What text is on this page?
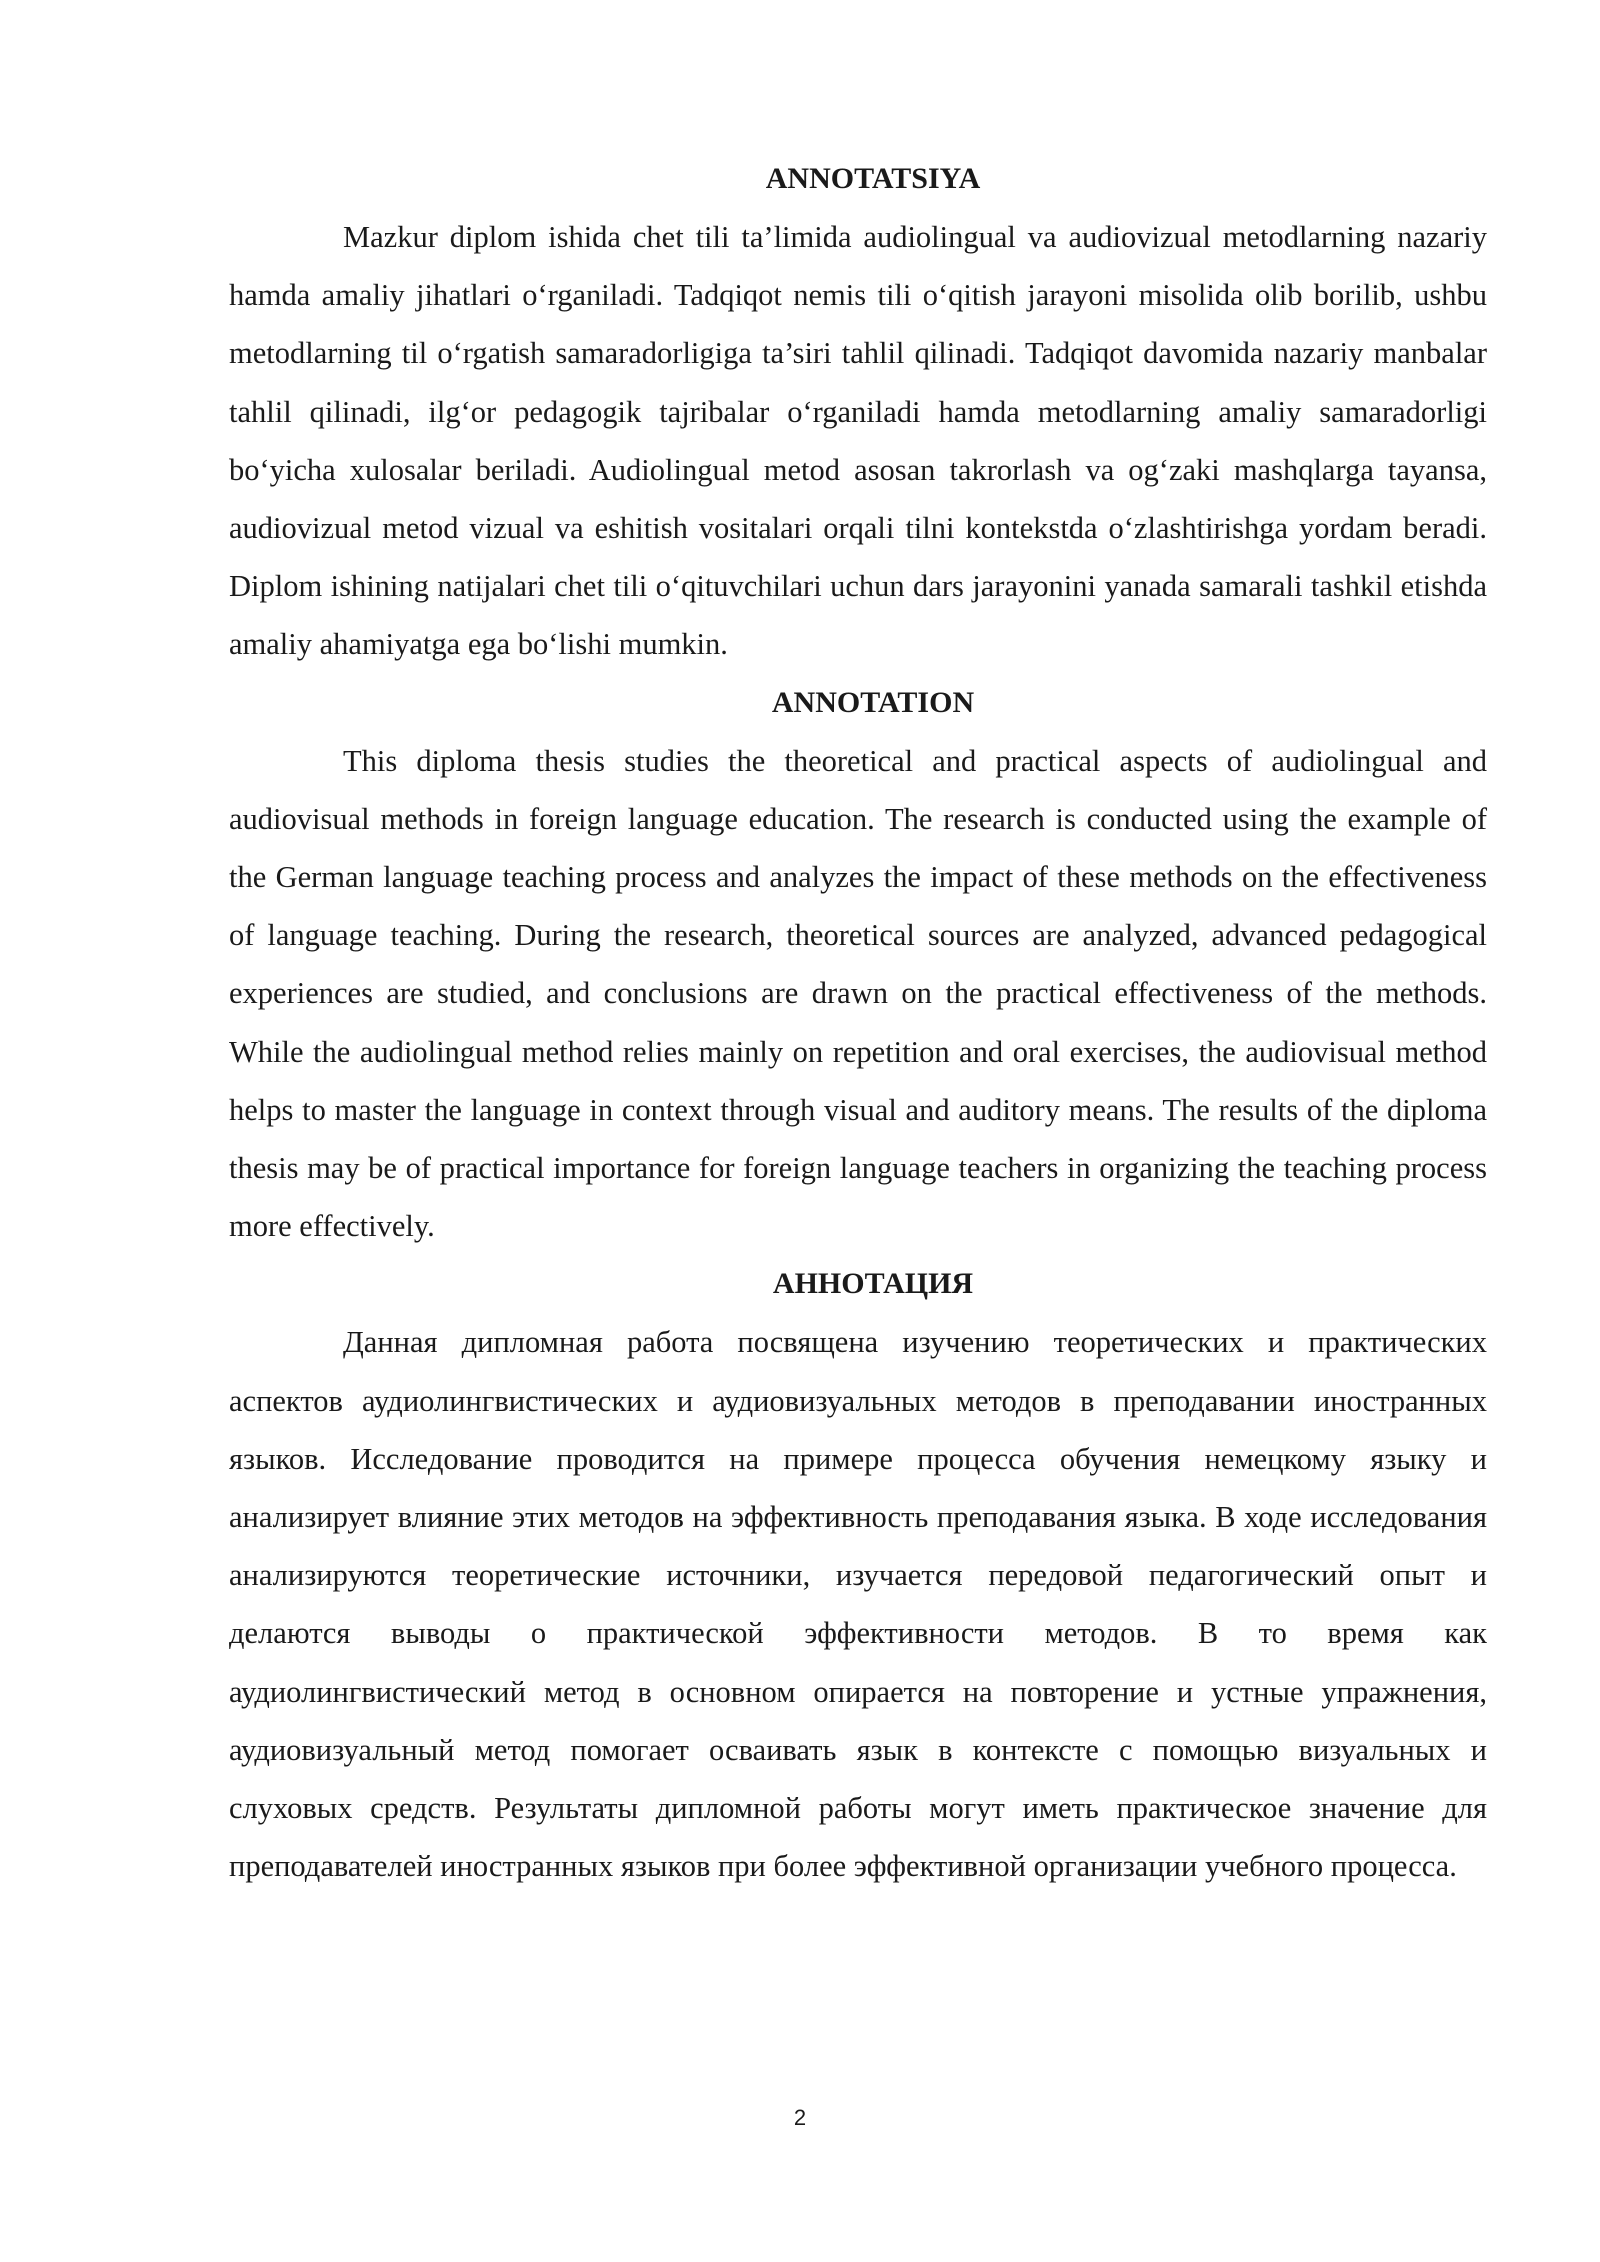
ANNOTATSIYA

Mazkur diplom ishida chet tili ta’limida audiolingual va audiovizual metodlarning nazariy hamda amaliy jihatlari o‘rganiladi. Tadqiqot nemis tili o‘qitish jarayoni misolida olib borilib, ushbu metodlarning til o‘rgatish samaradorligiga ta’siri tahlil qilinadi. Tadqiqot davomida nazariy manbalar tahlil qilinadi, ilg‘or pedagogik tajribalar o‘rganiladi hamda metodlarning amaliy samaradorligi bo‘yicha xulosalar beriladi. Audiolingual metod asosan takrorlash va og‘zaki mashqlarga tayansa, audiovizual metod vizual va eshitish vositalari orqali tilni kontekstda o‘zlashtirishga yordam beradi. Diplom ishining natijalari chet tili o‘qituvchilari uchun dars jarayonini yanada samarali tashkil etishda amaliy ahamiyatga ega bo‘lishi mumkin.

ANNOTATION

This diploma thesis studies the theoretical and practical aspects of audiolingual and audiovisual methods in foreign language education. The research is conducted using the example of the German language teaching process and analyzes the impact of these methods on the effectiveness of language teaching. During the research, theoretical sources are analyzed, advanced pedagogical experiences are studied, and conclusions are drawn on the practical effectiveness of the methods. While the audiolingual method relies mainly on repetition and oral exercises, the audiovisual method helps to master the language in context through visual and auditory means. The results of the diploma thesis may be of practical importance for foreign language teachers in organizing the teaching process more effectively.

АННОТАЦИЯ

Данная дипломная работа посвящена изучению теоретических и практических аспектов аудиолингвистических и аудиовизуальных методов в преподавании иностранных языков. Исследование проводится на примере процесса обучения немецкому языку и анализирует влияние этих методов на эффективность преподавания языка. В ходе исследования анализируются теоретические источники, изучается передовой педагогический опыт и делаются выводы о практической эффективности методов. В то время как аудиолингвистический метод в основном опирается на повторение и устные упражнения, аудиовизуальный метод помогает осваивать язык в контексте с помощью визуальных и слуховых средств. Результаты дипломной работы могут иметь практическое значение для преподавателей иностранных языков при более эффективной организации учебного процесса.

2
